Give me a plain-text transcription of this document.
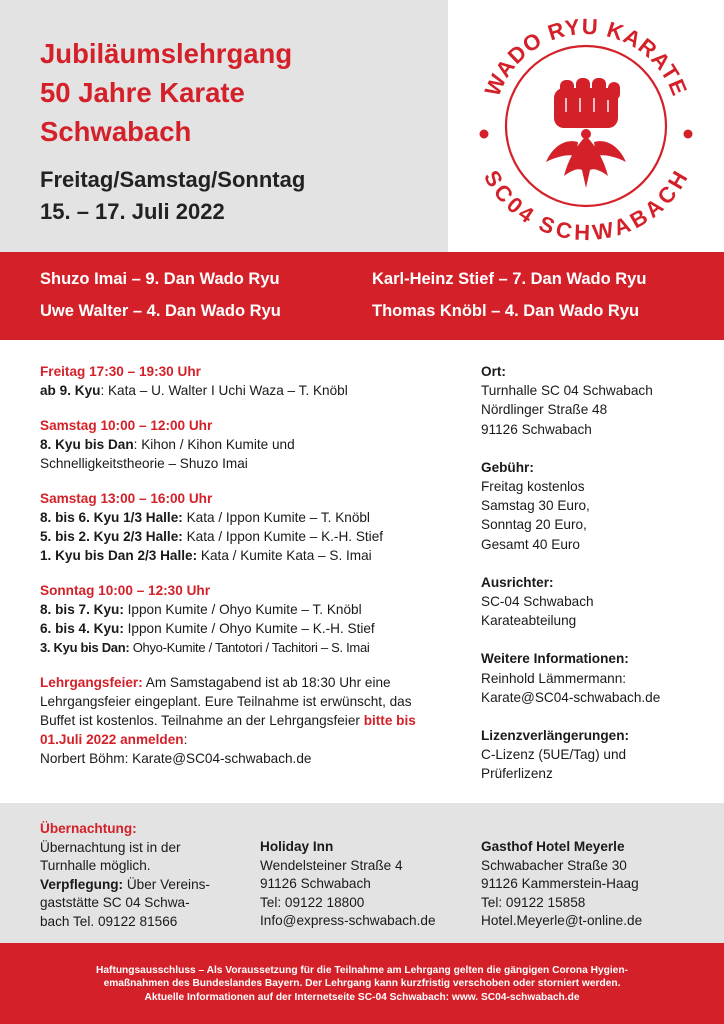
Jubiläumslehrgang
50 Jahre Karate
Schwabach
Freitag/Samstag/Sonntag
15. – 17. Juli 2022
WADO RYU KARATE
SC04 SCHWABACH
Shuzo Imai – 9. Dan Wado Ryu	Karl-Heinz Stief – 7. Dan Wado Ryu
Uwe Walter – 4. Dan Wado Ryu	Thomas Knöbl – 4. Dan Wado Ryu
Freitag 17:30 – 19:30 Uhr
ab 9. Kyu: Kata – U. Walter I Uchi Waza – T. Knöbl
Samstag 10:00 – 12:00 Uhr
8. Kyu bis Dan: Kihon / Kihon Kumite und Schnelligkeitstheorie – Shuzo Imai
Samstag 13:00 – 16:00 Uhr
8. bis 6. Kyu 1/3 Halle: Kata / Ippon Kumite – T. Knöbl
5. bis 2. Kyu 2/3 Halle: Kata / Ippon Kumite – K.-H. Stief
1. Kyu bis Dan 2/3 Halle: Kata / Kumite Kata – S. Imai
Sonntag 10:00 – 12:30 Uhr
8. bis 7. Kyu: Ippon Kumite / Ohyo Kumite – T. Knöbl
6. bis 4. Kyu: Ippon Kumite / Ohyo Kumite – K.-H. Stief
3. Kyu bis Dan: Ohyo-Kumite / Tantotori / Tachitori – S. Imai
Lehrgangsfeier: Am Samstagabend ist ab 18:30 Uhr eine Lehrgangsfeier eingeplant. Eure Teilnahme ist erwünscht, das Buffet ist kostenlos. Teilnahme an der Lehrgangsfeier bitte bis 01.Juli 2022 anmelden:
Norbert Böhm: Karate@SC04-schwabach.de
Ort:
Turnhalle SC 04 Schwabach
Nördlinger Straße 48
91126 Schwabach
Gebühr:
Freitag kostenlos
Samstag 30 Euro,
Sonntag 20 Euro,
Gesamt 40 Euro
Ausrichter:
SC-04 Schwabach
Karateabteilung
Weitere Informationen:
Reinhold Lämmermann:
Karate@SC04-schwabach.de
Lizenzverlängerungen:
C-Lizenz (5UE/Tag) und
Prüferlizenz
Übernachtung:
Übernachtung ist in der
Turnhalle möglich.
Verpflegung: Über Vereins-
gaststätte SC 04 Schwa-
bach Tel. 09122 81566
Holiday Inn
Wendelsteiner Straße 4
91126 Schwabach
Tel: 09122 18800
Info@express-schwabach.de
Gasthof Hotel Meyerle
Schwabacher Straße 30
91126 Kammerstein-Haag
Tel: 09122 15858
Hotel.Meyerle@t-online.de
Haftungsausschluss – Als Voraussetzung für die Teilnahme am Lehrgang gelten die gängigen Corona Hygien-
emaßnahmen des Bundeslandes Bayern. Der Lehrgang kann kurzfristig verschoben oder storniert werden.
Aktuelle Informationen auf der Internetseite SC-04 Schwabach: www. SC04-schwabach.de
